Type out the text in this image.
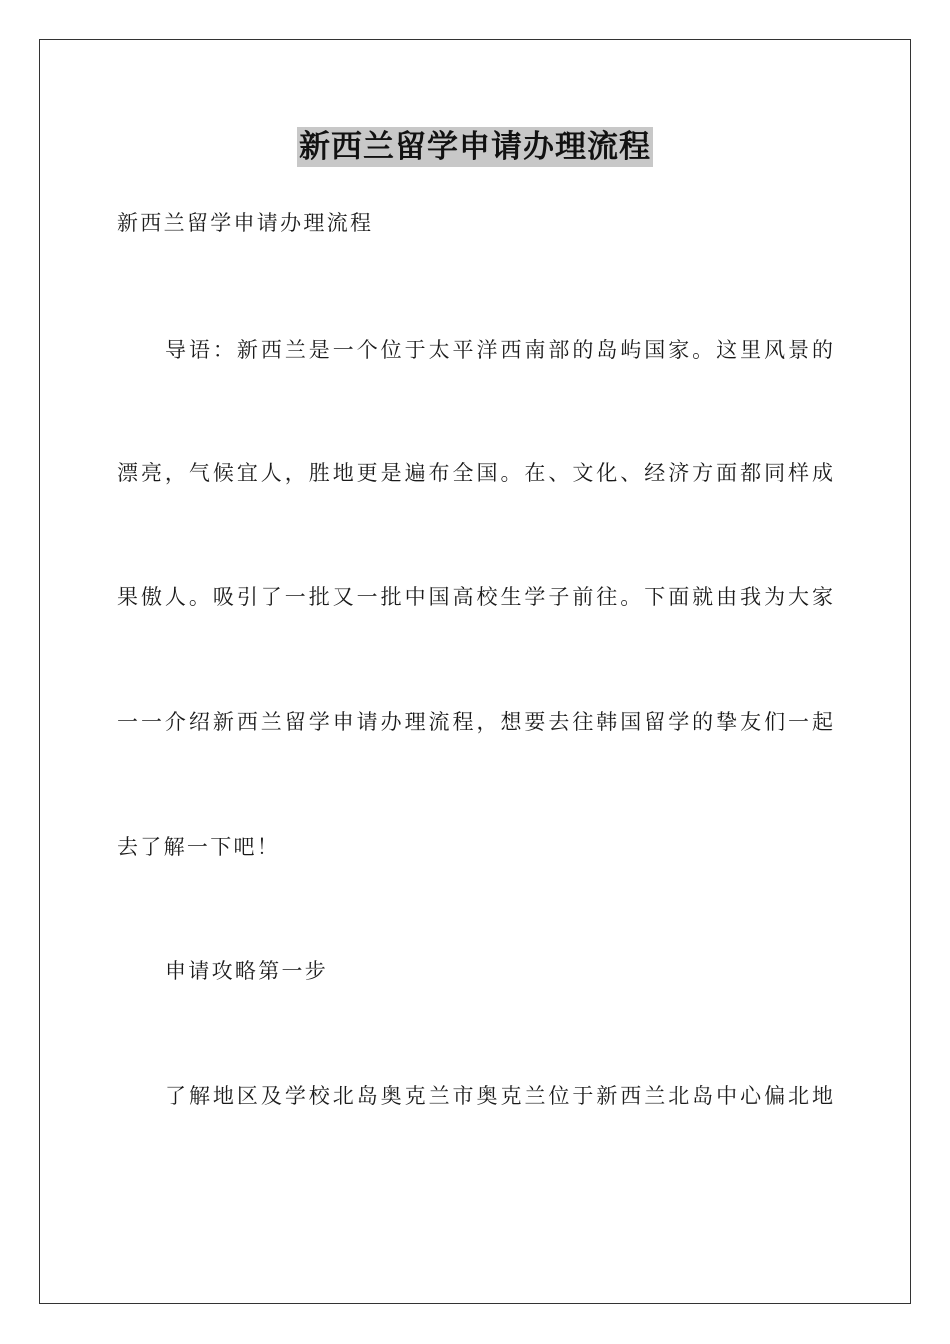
新西兰留学申请办理流程
新西兰留学申请办理流程
导语：新西兰是一个位于太平洋西南部的岛屿国家。这里风景的
漂亮，气候宜人，胜地更是遍布全国。在、文化、经济方面都同样成
果傲人。吸引了一批又一批中国高校生学子前往。下面就由我为大家
一一介绍新西兰留学申请办理流程，想要去往韩国留学的挚友们一起
去了解一下吧！
申请攻略第一步
了解地区及学校北岛奥克兰市奥克兰位于新西兰北岛中心偏北地
